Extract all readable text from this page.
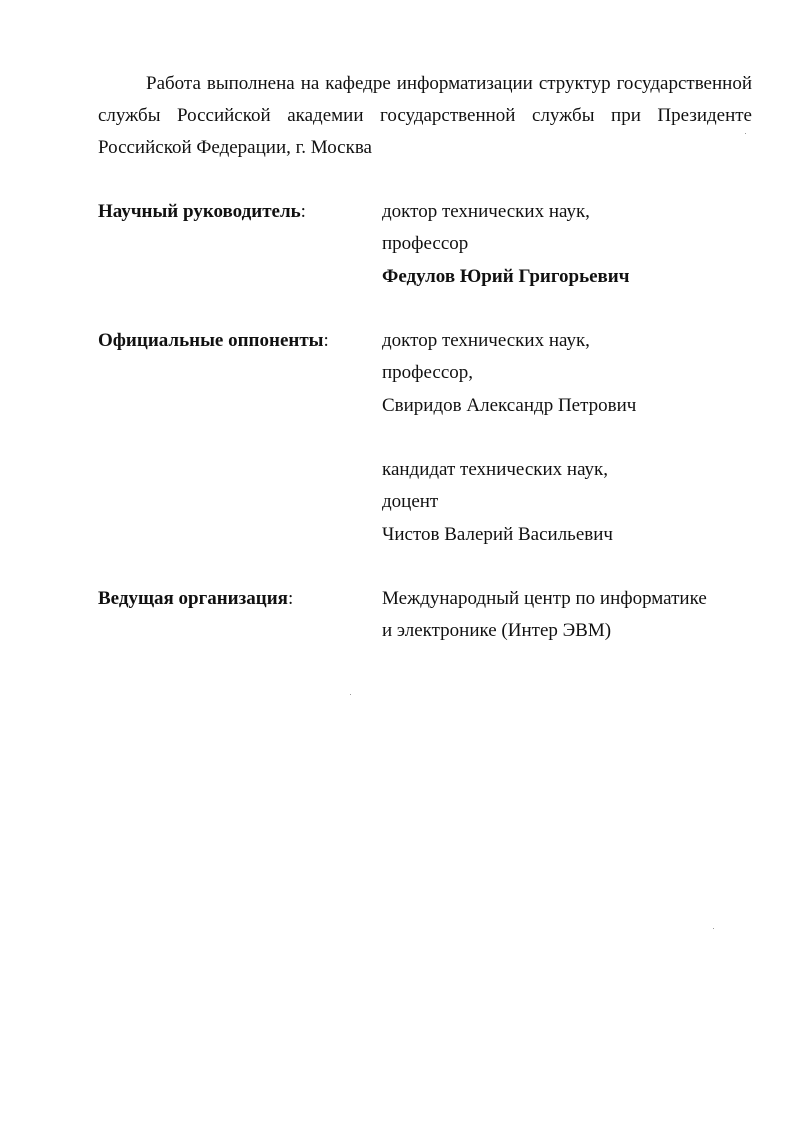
Работа выполнена на кафедре информатизации структур государственной службы Российской академии государственной службы при Президенте Российской Федерации, г. Москва

Научный руководитель:	доктор технических наук,
профессор
Федулов Юрий Григорьевич

Официальные оппоненты:	доктор технических наук,
профессор,
Свиридов Александр Петрович
кандидат технических наук,
доцент
Чистов Валерий Васильевич

Ведущая организация:	Международный центр по информатике
и электронике (Интер ЭВМ)
